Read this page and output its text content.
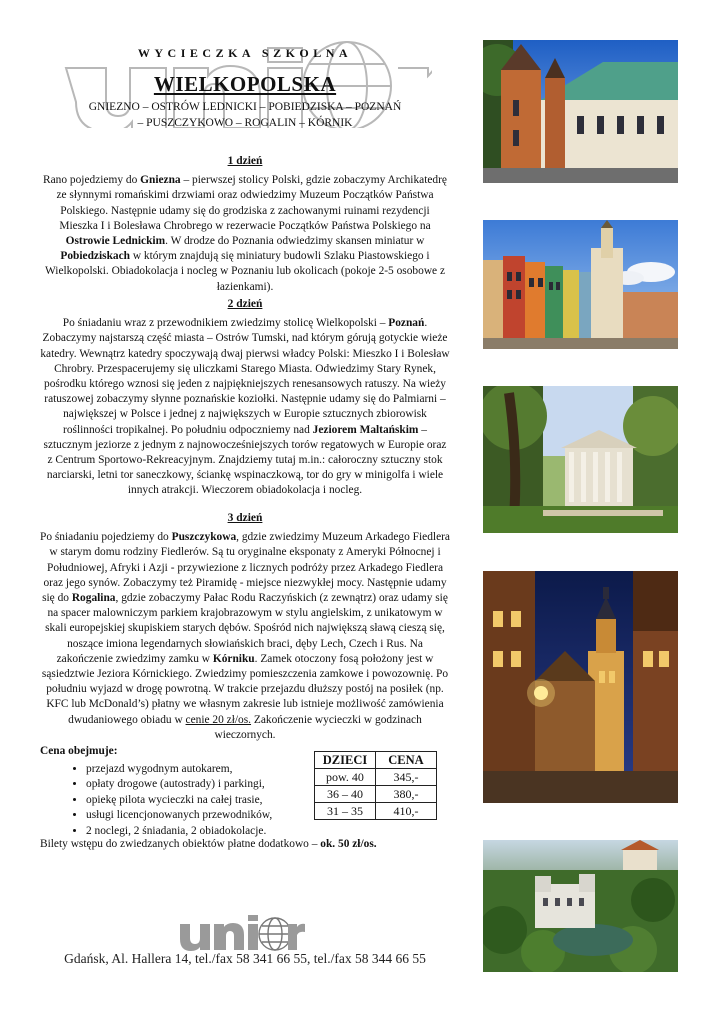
WYCIECZKA SZKOLNA
WIELKOPOLSKA
GNIEZNO – OSTRÓW LEDNICKI – POBIEDZISKA – POZNAŃ
– PUSZCZYKOWO – ROGALIN – KÓRNIK
1 dzień

Rano pojedziemy do Gniezna – pierwszej stolicy Polski, gdzie zobaczymy Archikatedrę ze słynnymi romańskimi drzwiami oraz odwiedzimy Muzeum Początków Państwa Polskiego. Następnie udamy się do grodziska z zachowanymi ruinami rezydencji Mieszka I i Bolesława Chrobrego w rezerwacie Początków Państwa Polskiego na Ostrowie Lednickim. W drodze do Poznania odwiedzimy skansen miniatur w Pobiedziskach w którym znajdują się miniatury budowli Szlaku Piastowskiego i Wielkopolski. Obiadokolacja i nocleg w Poznaniu lub okolicach (pokoje 2-5 osobowe z łazienkami).

2 dzień

Po śniadaniu wraz z przewodnikiem zwiedzimy stolicę Wielkopolski – Poznań. Zobaczymy najstarszą część miasta – Ostrów Tumski, nad którym górują gotyckie wieże katedry. Wewnątrz katedry spoczywają dwaj pierwsi władcy Polski: Mieszko I i Bolesław Chrobry. Przespacerujemy się uliczkami Starego Miasta. Odwiedzimy Stary Rynek, pośrodku którego wznosi się jeden z najpiękniejszych renesansowych ratuszy. Na wieży ratuszowej zobaczymy słynne poznańskie koziołki. Następnie udamy się do Palmiarni – największej w Polsce i jednej z największych w Europie sztucznych zbiorowisk roślinności tropikalnej. Po południu odpoczniemy nad Jeziorem Maltańskim – sztucznym jeziorze z jednym z najnowocześniejszych torów regatowych w Europie oraz z Centrum Sportowo-Rekreacyjnym. Znajdziemy tutaj m.in.: całoroczny sztuczny stok narciarski, letni tor saneczkowy, ściankę wspinaczkową, tor do gry w minigolfa i wiele innych atrakcji. Wieczorem obiadokolacja i nocleg.

3 dzień

Po śniadaniu pojedziemy do Puszczykowa, gdzie zwiedzimy Muzeum Arkadego Fiedlera w starym domu rodziny Fiedlerów. Są tu oryginalne eksponaty z Ameryki Północnej i Południowej, Afryki i Azji - przywiezione z licznych podróży przez Arkadego Fiedlera oraz jego synów. Zobaczymy też Piramidę - miejsce niezwykłej mocy. Następnie udamy się do Rogalina, gdzie zobaczymy Pałac Rodu Raczyńskich (z zewnątrz) oraz udamy się na spacer malowniczym parkiem krajobrazowym w stylu angielskim, z unikatowym w skali europejskiej skupiskiem starych dębów. Spośród nich największą sławą cieszą się, noszące imiona legendarnych słowiańskich braci, dęby Lech, Czech i Rus. Na zakończenie zwiedzimy zamku w Kórniku. Zamek otoczony fosą położony jest w sąsiedztwie Jeziora Kórnickiego. Zwiedzimy pomieszczenia zamkowe i powozownię. Po południu wyjazd w drogę powrotną. W trakcie przejazdu dłuższy postój na posiłek (np. KFC lub McDonald’s) płatny we własnym zakresie lub istnieje możliwość zamówienia dwudaniowego obiadu w cenie 20 zł/os. Zakończenie wycieczki w godzinach wieczornych.

Cena obejmuje:
• przejazd wygodnym autokarem,
• opłaty drogowe (autostrady) i parkingi,
• opiekę pilota wycieczki na całej trasie,
• usługi licencjonowanych przewodników,
• 2 noclegi, 2 śniadania, 2 obiadokolacje.
DZIECI	CENA
pow. 40	345,-
36 – 40	380,-
31 – 35	410,-
Bilety wstępu do zwiedzanych obiektów płatne dodatkowo – ok. 50 zł/os.
Gdańsk, Al. Hallera 14, tel./fax 58 341 66 55, tel./fax 58 344 66 55
